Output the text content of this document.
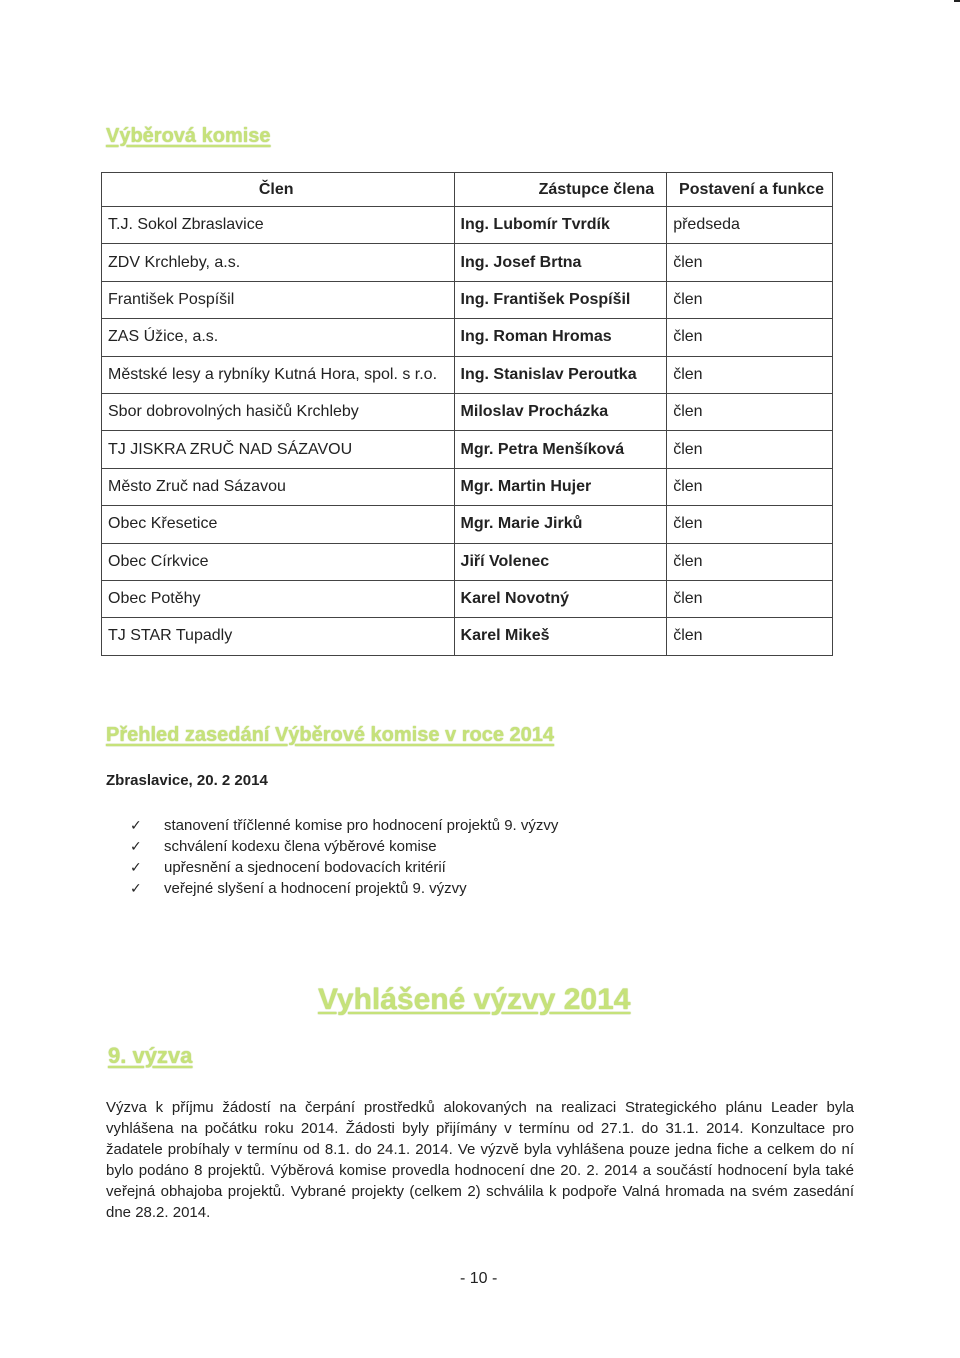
Výběrová komise
Člen	Zástupce člena	Postavení a funkce
T.J. Sokol Zbraslavice	Ing. Lubomír Tvrdík	předseda
ZDV Krchleby, a.s.	Ing. Josef Brtna	člen
František Pospíšil	Ing. František Pospíšil	člen
ZAS Úžice, a.s.	Ing. Roman Hromas	člen
Městské lesy a rybníky Kutná Hora, spol. s r.o.	Ing. Stanislav Peroutka	člen
Sbor dobrovolných hasičů Krchleby	Miloslav Procházka	člen
TJ JISKRA ZRUČ NAD SÁZAVOU	Mgr. Petra Menšíková	člen
Město Zruč nad Sázavou	Mgr. Martin Hujer	člen
Obec Křesetice	Mgr. Marie Jirků	člen
Obec Církvice	Jiří Volenec	člen
Obec Potěhy	Karel Novotný	člen
TJ STAR Tupadly	Karel Mikeš	člen
Přehled zasedání Výběrové komise v roce 2014
Zbraslavice, 20. 2 2014
✓ stanovení tříčlenné komise pro hodnocení projektů 9. výzvy
✓ schválení kodexu člena výběrové komise
✓ upřesnění a sjednocení bodovacích kritérií
✓ veřejné slyšení a hodnocení projektů 9. výzvy
Vyhlášené výzvy 2014
9. výzva

Výzva k příjmu žádostí na čerpání prostředků alokovaných na realizaci Strategického plánu Leader byla vyhlášena na počátku roku 2014. Žádosti byly přijímány v termínu od 27.1. do 31.1. 2014. Konzultace pro žadatele probíhaly v termínu od 8.1. do 24.1. 2014. Ve výzvě byla vyhlášena pouze jedna fiche a celkem do ní bylo podáno 8 projektů. Výběrová komise provedla hodnocení dne 20. 2. 2014 a součástí hodnocení byla také veřejná obhajoba projektů. Vybrané projekty (celkem 2) schválila k podpoře Valná hromada na svém zasedání dne 28.2. 2014.

- 10 -
